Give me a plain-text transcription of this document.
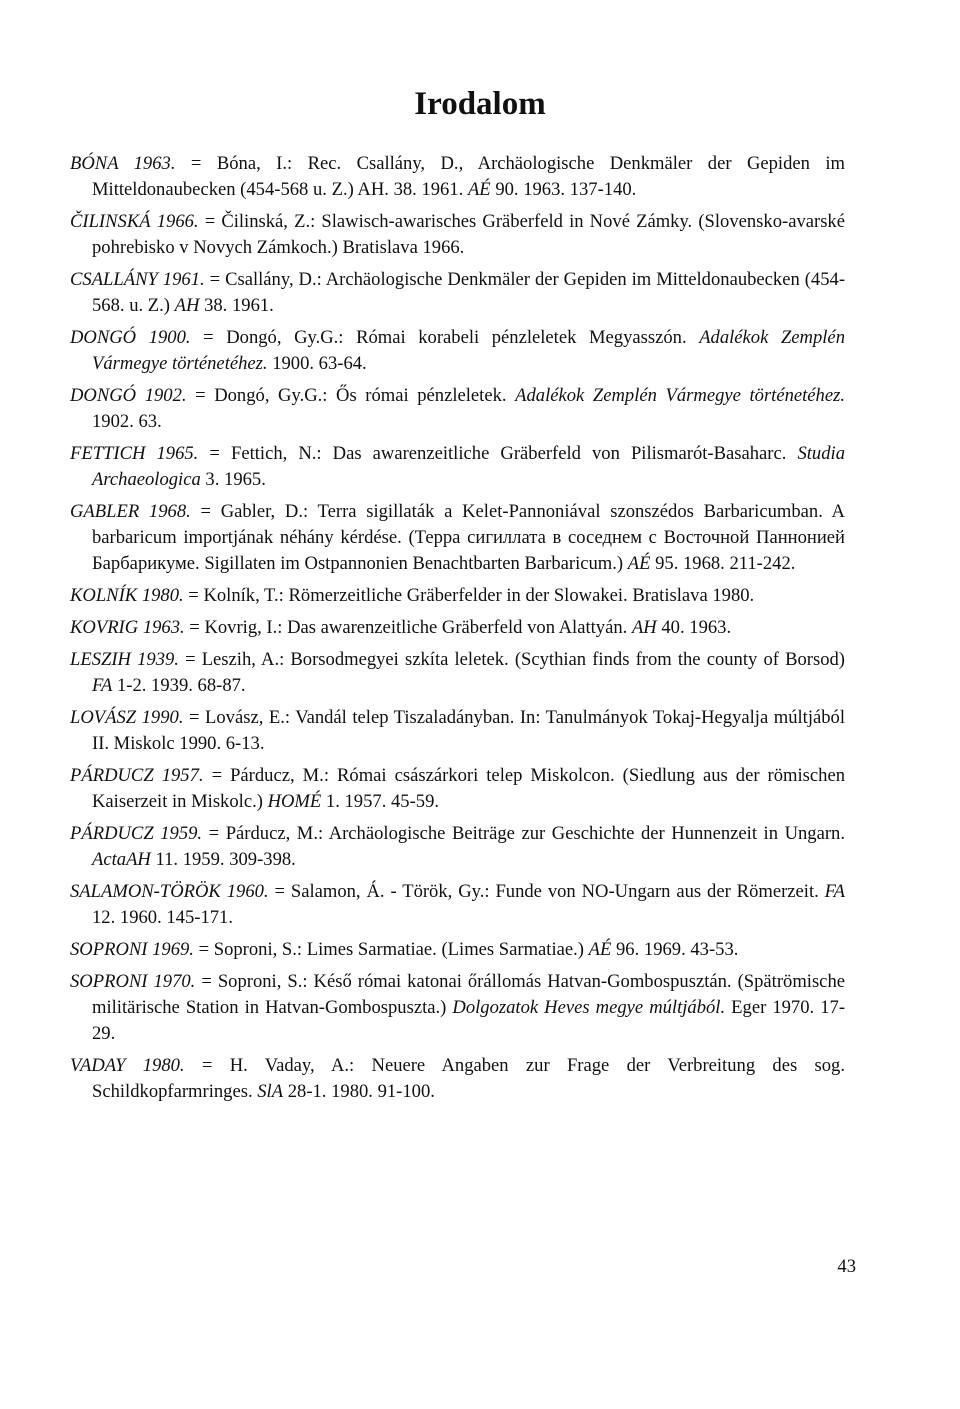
Irodalom
BÓNA 1963. = Bóna, I.: Rec. Csallány, D., Archäologische Denkmäler der Gepiden im Mitteldonaubecken (454-568 u. Z.) AH. 38. 1961. AÉ 90. 1963. 137-140.
ČILINSKÁ 1966. = Čilinská, Z.: Slawisch-awarisches Gräberfeld in Nové Zámky. (Slovensko-avarské pohrebisko v Novych Zámkoch.) Bratislava 1966.
CSALLÁNY 1961. = Csallány, D.: Archäologische Denkmäler der Gepiden im Mitteldonaubecken (454-568. u. Z.) AH 38. 1961.
DONGÓ 1900. = Dongó, Gy.G.: Római korabeli pénzleletek Megyasszón. Adalékok Zemplén Vármegye történetéhez. 1900. 63-64.
DONGÓ 1902. = Dongó, Gy.G.: Ős római pénzleletek. Adalékok Zemplén Vármegye történetéhez. 1902. 63.
FETTICH 1965. = Fettich, N.: Das awarenzeitliche Gräberfeld von Pilismarót-Basaharc. Studia Archaeologica 3. 1965.
GABLER 1968. = Gabler, D.: Terra sigillaták a Kelet-Pannoniával szonszédos Barbaricumban. A barbaricum importjának néhány kérdése. (Терра сигиллата в соседнем с Восточной Паннонией Барбарикуме. Sigillaten im Ostpannonien Benachtbarten Barbaricum.) AÉ 95. 1968. 211-242.
KOLNÍK 1980. = Kolník, T.: Römerzeitliche Gräberfelder in der Slowakei. Bratislava 1980.
KOVRIG 1963. = Kovrig, I.: Das awarenzeitliche Gräberfeld von Alattyán. AH 40. 1963.
LESZIH 1939. = Leszih, A.: Borsodmegyei szkíta leletek. (Scythian finds from the county of Borsod) FA 1-2. 1939. 68-87.
LOVÁSZ 1990. = Lovász, E.: Vandál telep Tiszaladányban. In: Tanulmányok Tokaj-Hegyalja múltjából II. Miskolc 1990. 6-13.
PÁRDUCZ 1957. = Párducz, M.: Római császárkori telep Miskolcon. (Siedlung aus der römischen Kaiserzeit in Miskolc.) HOMÉ 1. 1957. 45-59.
PÁRDUCZ 1959. = Párducz, M.: Archäologische Beiträge zur Geschichte der Hunnenzeit in Ungarn. ActaAH 11. 1959. 309-398.
SALAMON-TÖRÖK 1960. = Salamon, Á. - Török, Gy.: Funde von NO-Ungarn aus der Römerzeit. FA 12. 1960. 145-171.
SOPRONI 1969. = Soproni, S.: Limes Sarmatiae. (Limes Sarmatiae.) AÉ 96. 1969. 43-53.
SOPRONI 1970. = Soproni, S.: Késő római katonai őrállomás Hatvan-Gombospusztán. (Spätrömische militärische Station in Hatvan-Gombospuszta.) Dolgozatok Heves megye múltjából. Eger 1970. 17-29.
VADAY 1980. = H. Vaday, A.: Neuere Angaben zur Frage der Verbreitung des sog. Schildkopfarmringes. SlA 28-1. 1980. 91-100.
43
